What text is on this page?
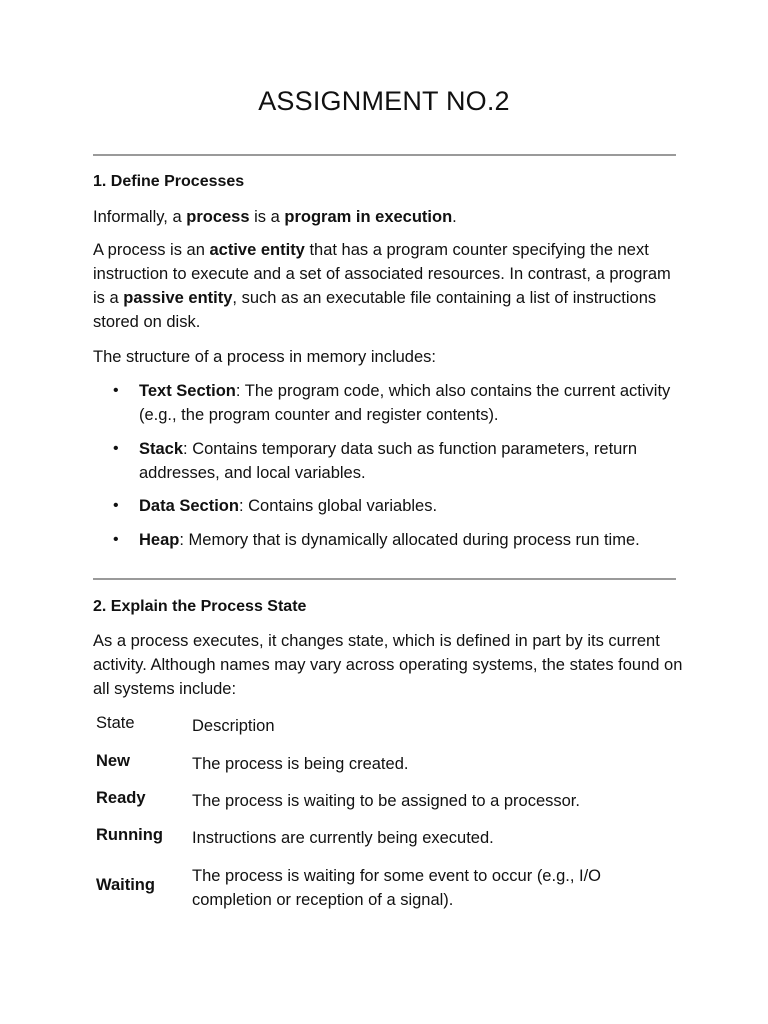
ASSIGNMENT NO.2
1. Define Processes
Informally, a process is a program in execution.
A process is an active entity that has a program counter specifying the next instruction to execute and a set of associated resources. In contrast, a program is a passive entity, such as an executable file containing a list of instructions stored on disk.
The structure of a process in memory includes:
• Text Section: The program code, which also contains the current activity (e.g., the program counter and register contents).
• Stack: Contains temporary data such as function parameters, return addresses, and local variables.
• Data Section: Contains global variables.
• Heap: Memory that is dynamically allocated during process run time.
2. Explain the Process State
As a process executes, it changes state, which is defined in part by its current activity. Although names may vary across operating systems, the states found on all systems include:
State	Description
New	The process is being created.
Ready	The process is waiting to be assigned to a processor.
Running Instructions are currently being executed.
Waiting The process is waiting for some event to occur (e.g., I/O completion or reception of a signal).
